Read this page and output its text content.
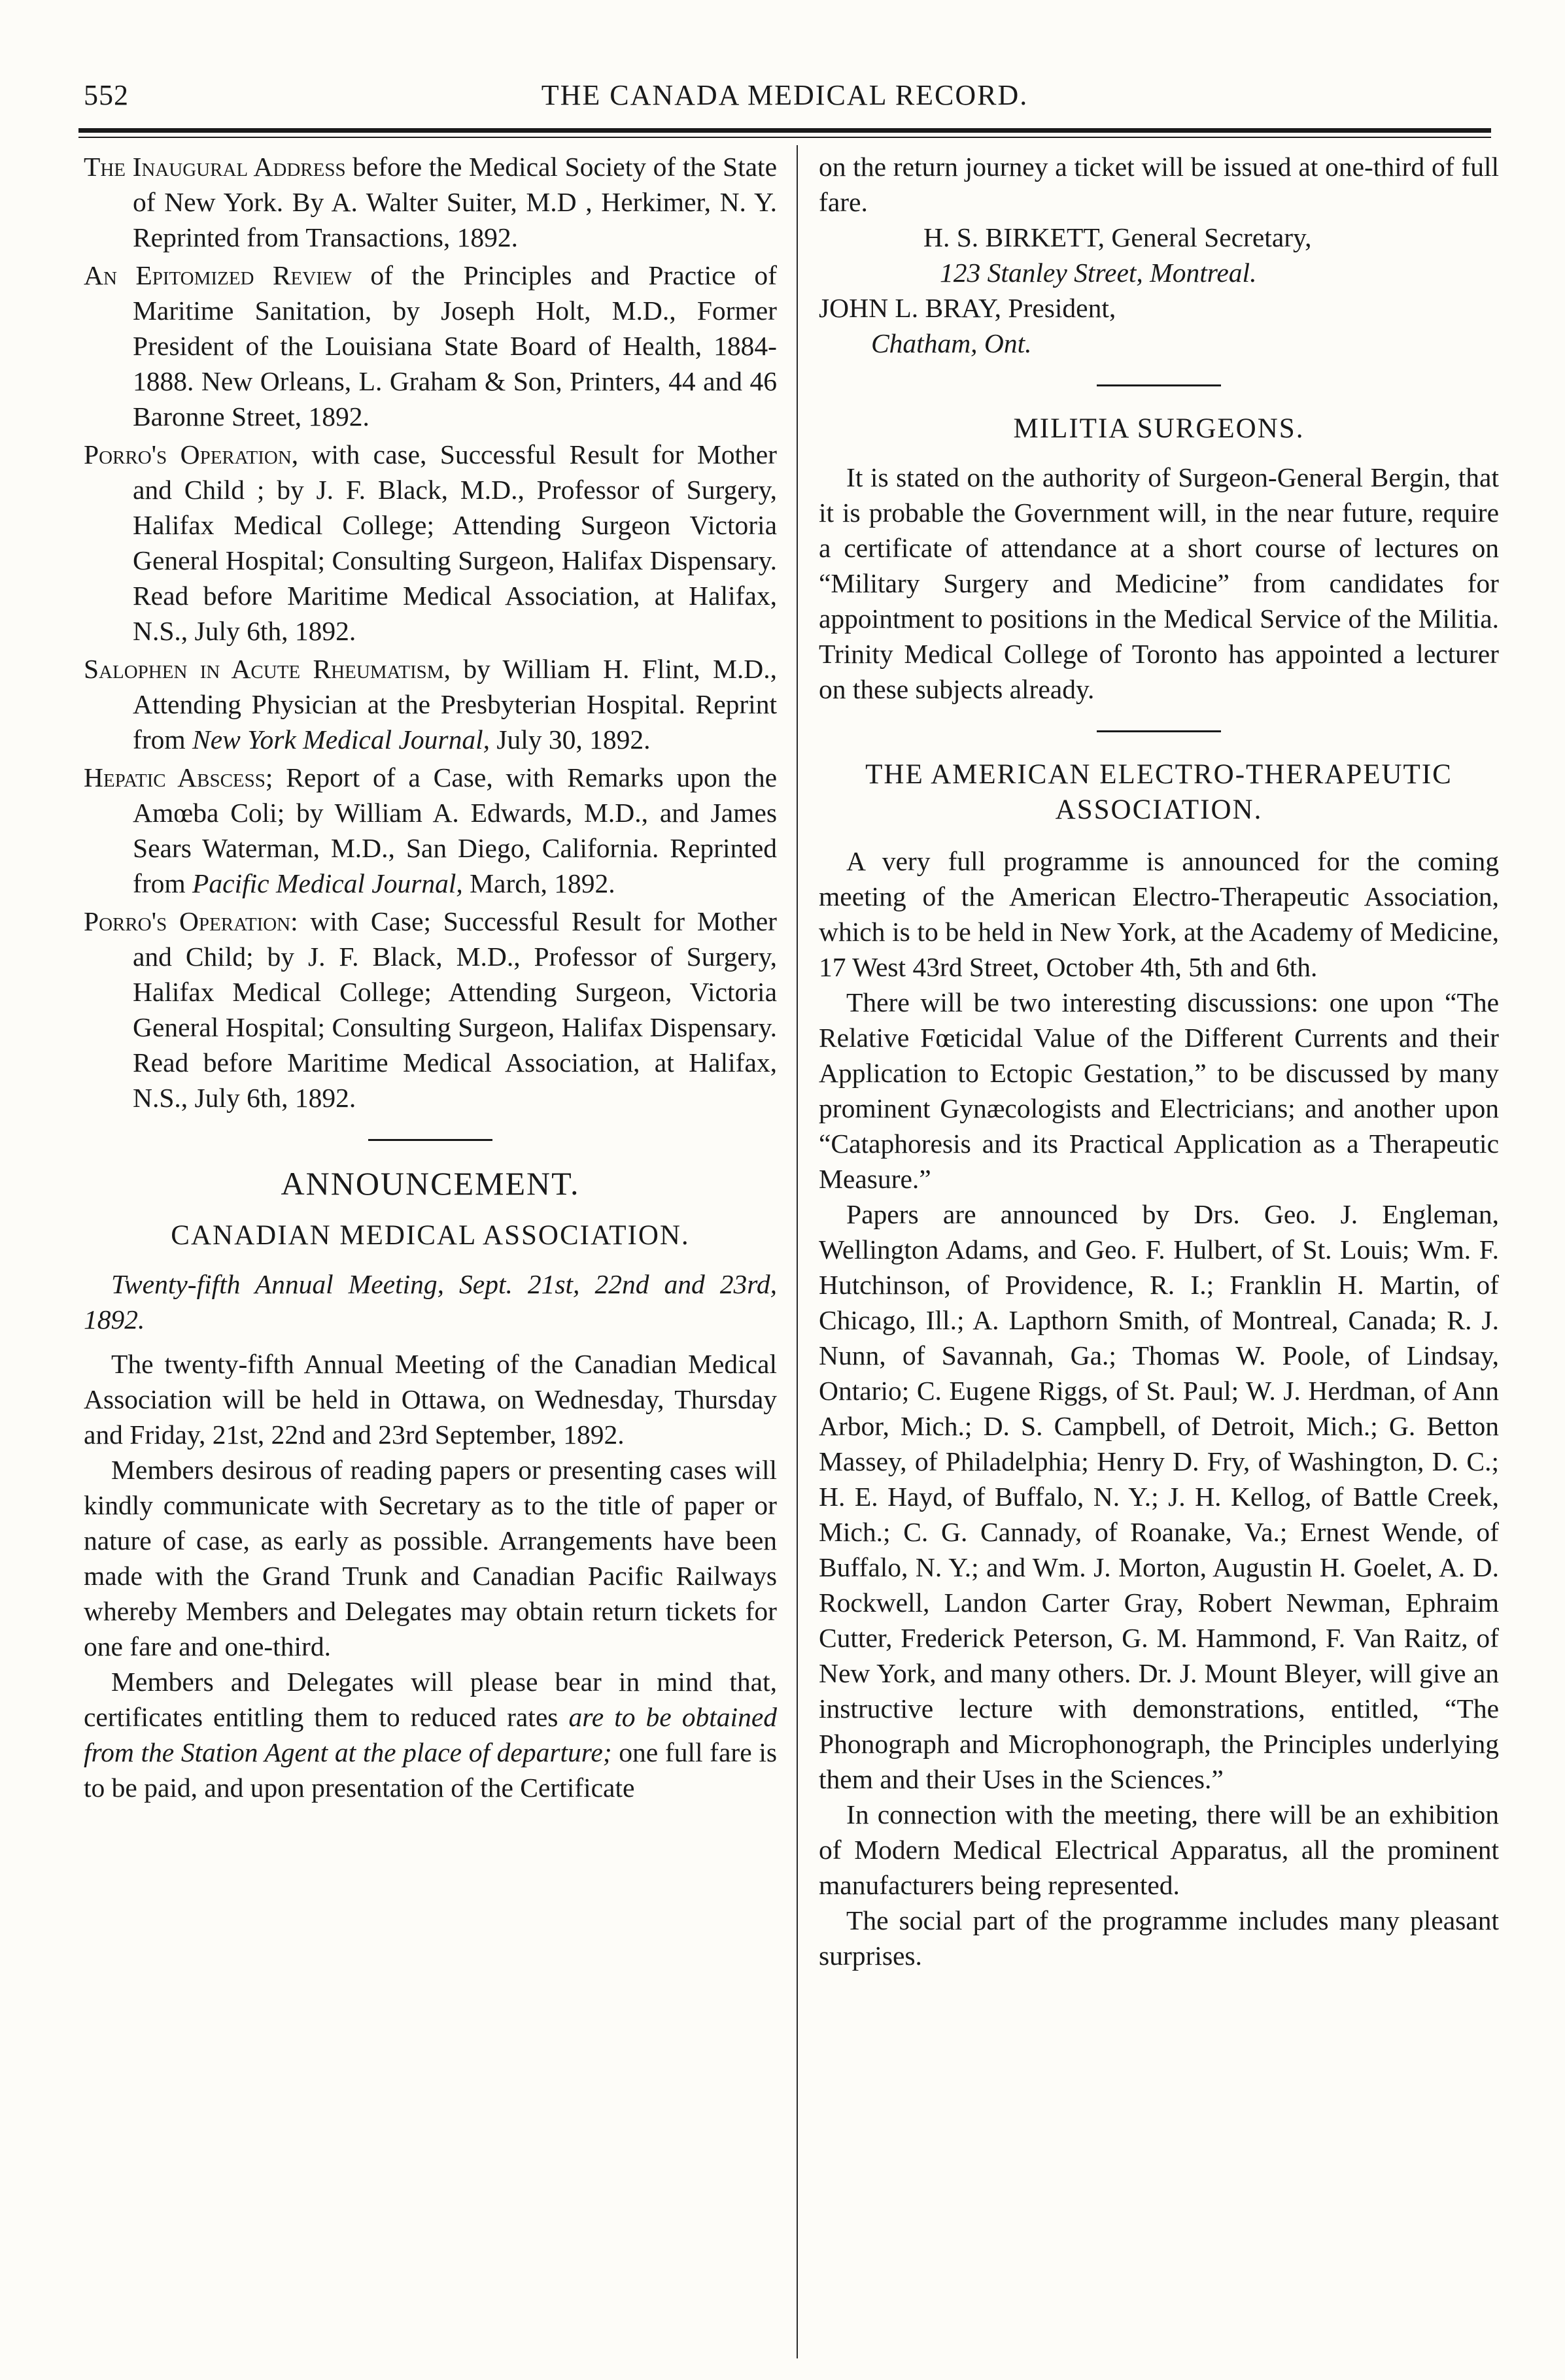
552	THE CANADA MEDICAL RECORD.

The Inaugural Address before the Medical Society of the State of New York. By A. Walter Suiter, M.D , Herkimer, N. Y. Reprinted from Transactions, 1892.

An Epitomized Review of the Principles and Practice of Maritime Sanitation, by Joseph Holt, M.D., Former President of the Louisiana State Board of Health, 1884-1888. New Orleans, L. Graham & Son, Printers, 44 and 46 Baronne Street, 1892.

Porro's Operation, with case, Successful Result for Mother and Child ; by J. F. Black, M.D., Professor of Surgery, Halifax Medical College; Attending Surgeon Victoria General Hospital; Consulting Surgeon, Halifax Dispensary. Read before Maritime Medical Association, at Halifax, N.S., July 6th, 1892.

Salophen in Acute Rheumatism, by William H. Flint, M.D., Attending Physician at the Presbyterian Hospital. Reprint from New York Medical Journal, July 30, 1892.

Hepatic Abscess; Report of a Case, with Remarks upon the Amœba Coli; by William A. Edwards, M.D., and James Sears Waterman, M.D., San Diego, California. Reprinted from Pacific Medical Journal, March, 1892.

Porro's Operation: with Case; Successful Result for Mother and Child; by J. F. Black, M.D., Professor of Surgery, Halifax Medical College; Attending Surgeon, Victoria General Hospital; Consulting Surgeon, Halifax Dispensary. Read before Maritime Medical Association, at Halifax, N.S., July 6th, 1892.

ANNOUNCEMENT.
CANADIAN MEDICAL ASSOCIATION.

Twenty-fifth Annual Meeting, Sept. 21st, 22nd and 23rd, 1892.

The twenty-fifth Annual Meeting of the Canadian Medical Association will be held in Ottawa, on Wednesday, Thursday and Friday, 21st, 22nd and 23rd September, 1892.

Members desirous of reading papers or presenting cases will kindly communicate with Secretary as to the title of paper or nature of case, as early as possible. Arrangements have been made with the Grand Trunk and Canadian Pacific Railways whereby Members and Delegates may obtain return tickets for one fare and one-third.

Members and Delegates will please bear in mind that, certificates entitling them to reduced rates are to be obtained from the Station Agent at the place of departure; one full fare is to be paid, and upon presentation of the Certificate

on the return journey a ticket will be issued at one-third of full fare.

H. S. BIRKETT, General Secretary,

123 Stanley Street, Montreal.

JOHN L. BRAY, President,

Chatham, Ont.

MILITIA SURGEONS.

It is stated on the authority of Surgeon-General Bergin, that it is probable the Government will, in the near future, require a certificate of attendance at a short course of lectures on “Military Surgery and Medicine” from candidates for appointment to positions in the Medical Service of the Militia. Trinity Medical College of Toronto has appointed a lecturer on these subjects already.

THE AMERICAN ELECTRO-THERAPEUTIC ASSOCIATION.

A very full programme is announced for the coming meeting of the American Electro-Therapeutic Association, which is to be held in New York, at the Academy of Medicine, 17 West 43rd Street, October 4th, 5th and 6th.

There will be two interesting discussions: one upon “The Relative Fœticidal Value of the Different Currents and their Application to Ectopic Gestation,” to be discussed by many prominent Gynæcologists and Electricians; and another upon “Cataphoresis and its Practical Application as a Therapeutic Measure.”

Papers are announced by Drs. Geo. J. Engleman, Wellington Adams, and Geo. F. Hulbert, of St. Louis; Wm. F. Hutchinson, of Providence, R. I.; Franklin H. Martin, of Chicago, Ill.; A. Lapthorn Smith, of Montreal, Canada; R. J. Nunn, of Savannah, Ga.; Thomas W. Poole, of Lindsay, Ontario; C. Eugene Riggs, of St. Paul; W. J. Herdman, of Ann Arbor, Mich.; D. S. Campbell, of Detroit, Mich.; G. Betton Massey, of Philadelphia; Henry D. Fry, of Washington, D. C.; H. E. Hayd, of Buffalo, N. Y.; J. H. Kellog, of Battle Creek, Mich.; C. G. Cannady, of Roanake, Va.; Ernest Wende, of Buffalo, N. Y.; and Wm. J. Morton, Augustin H. Goelet, A. D. Rockwell, Landon Carter Gray, Robert Newman, Ephraim Cutter, Frederick Peterson, G. M. Hammond, F. Van Raitz, of New York, and many others. Dr. J. Mount Bleyer, will give an instructive lecture with demonstrations, entitled, “The Phonograph and Microphonograph, the Principles underlying them and their Uses in the Sciences.”

In connection with the meeting, there will be an exhibition of Modern Medical Electrical Apparatus, all the prominent manufacturers being represented.

The social part of the programme includes many pleasant surprises.
